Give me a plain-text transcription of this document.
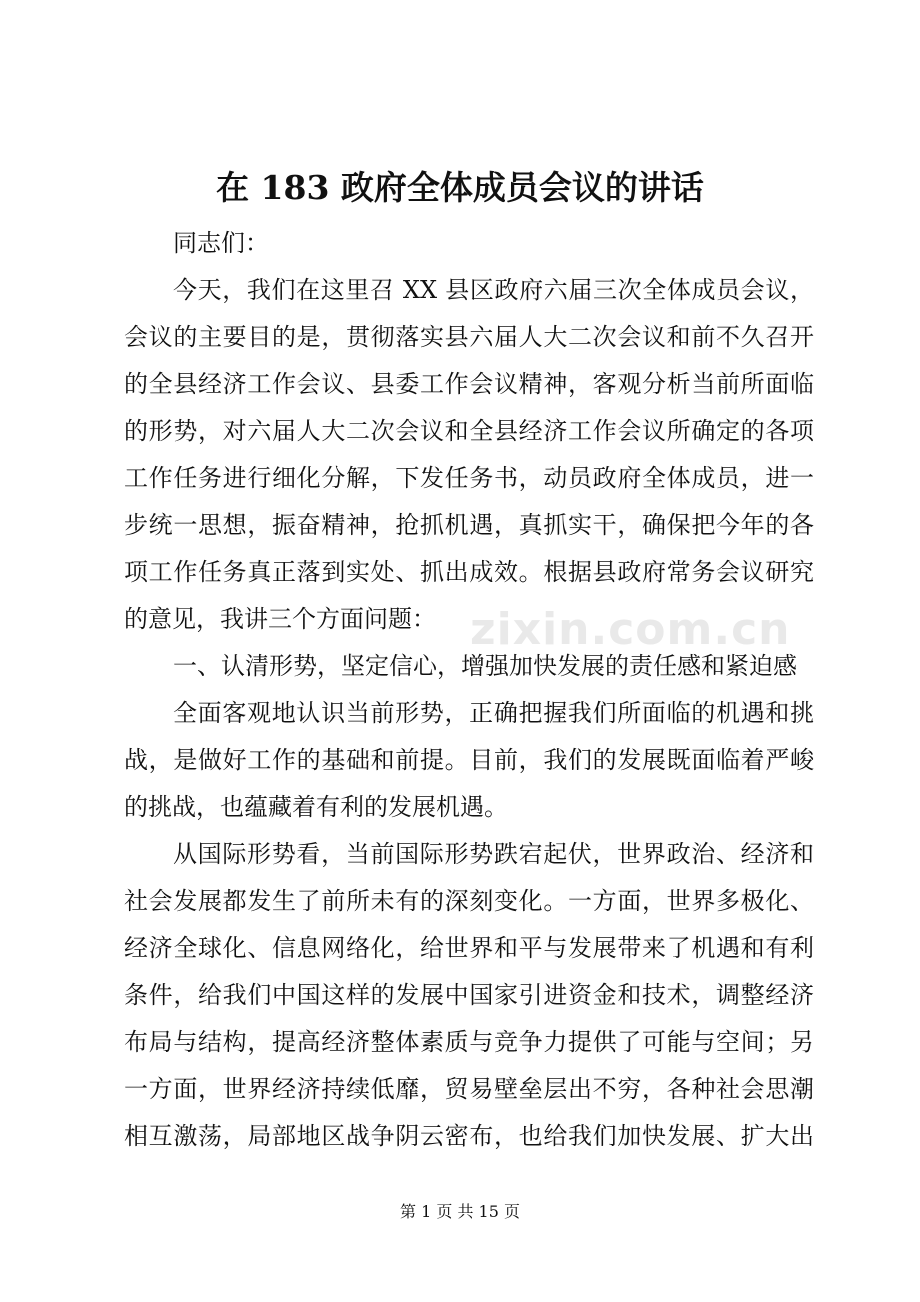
zixin.com.cn
在 183 政府全体成员会议的讲话
同志们：
今天，我们在这里召 XX 县区政府六届三次全体成员会议，
会议的主要目的是，贯彻落实县六届人大二次会议和前不久召开
的全县经济工作会议、县委工作会议精神，客观分析当前所面临
的形势，对六届人大二次会议和全县经济工作会议所确定的各项
工作任务进行细化分解，下发任务书，动员政府全体成员，进一
步统一思想，振奋精神，抢抓机遇，真抓实干，确保把今年的各
项工作任务真正落到实处、抓出成效。根据县政府常务会议研究
的意见，我讲三个方面问题：
一、认清形势，坚定信心，增强加快发展的责任感和紧迫感
全面客观地认识当前形势，正确把握我们所面临的机遇和挑
战，是做好工作的基础和前提。目前，我们的发展既面临着严峻
的挑战，也蕴藏着有利的发展机遇。
从国际形势看，当前国际形势跌宕起伏，世界政治、经济和
社会发展都发生了前所未有的深刻变化。一方面，世界多极化、
经济全球化、信息网络化，给世界和平与发展带来了机遇和有利
条件，给我们中国这样的发展中国家引进资金和技术，调整经济
布局与结构，提高经济整体素质与竞争力提供了可能与空间；另
一方面，世界经济持续低靡，贸易壁垒层出不穷，各种社会思潮
相互激荡，局部地区战争阴云密布，也给我们加快发展、扩大出
第 1 页 共 15 页
